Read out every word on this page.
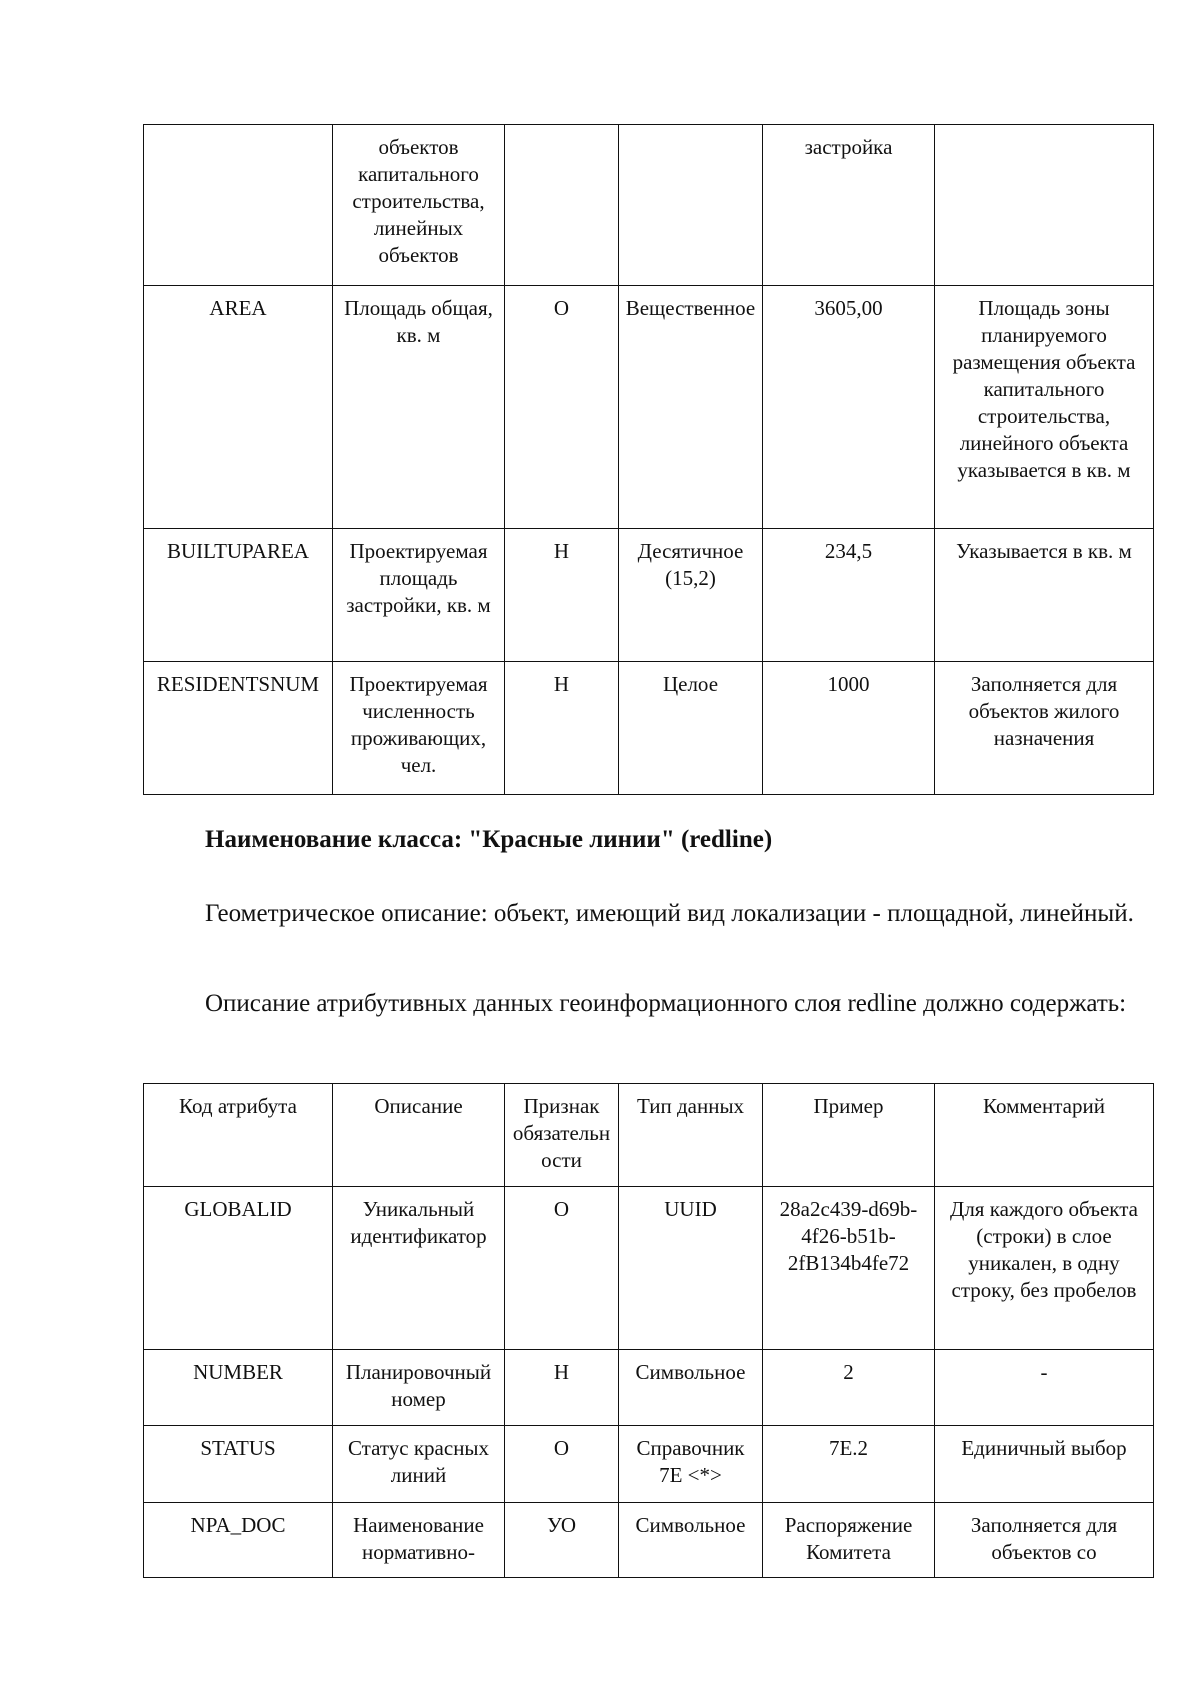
	объектов капитального строительства, линейных объектов			застройка	
AREA	Площадь общая, кв. м	О	Вещественное	3605,00	Площадь зоны планируемого размещения объекта капитального строительства, линейного объекта указывается в кв. м
BUILTUPAREA	Проектируемая площадь застройки, кв. м	Н	Десятичное (15,2)	234,5	Указывается в кв. м
RESIDENTSNUM	Проектируемая численность проживающих, чел.	Н	Целое	1000	Заполняется для объектов жилого назначения

Наименование класса: "Красные линии" (redline)

Геометрическое описание: объект, имеющий вид локализации - площадной, линейный.

Описание атрибутивных данных геоинформационного слоя redline должно содержать:

Код атрибута	Описание	Признак обязательности	Тип данных	Пример	Комментарий
GLOBALID	Уникальный идентификатор	О	UUID	28a2c439-d69b-4f26-b51b-2fB134b4fe72	Для каждого объекта (строки) в слое уникален, в одну строку, без пробелов
NUMBER	Планировочный номер	Н	Символьное	2	-
STATUS	Статус красных линий	О	Справочник 7Е <*>	7Е.2	Единичный выбор
NPA_DOC	Наименование нормативно-	УО	Символьное	Распоряжение Комитета	Заполняется для объектов со
